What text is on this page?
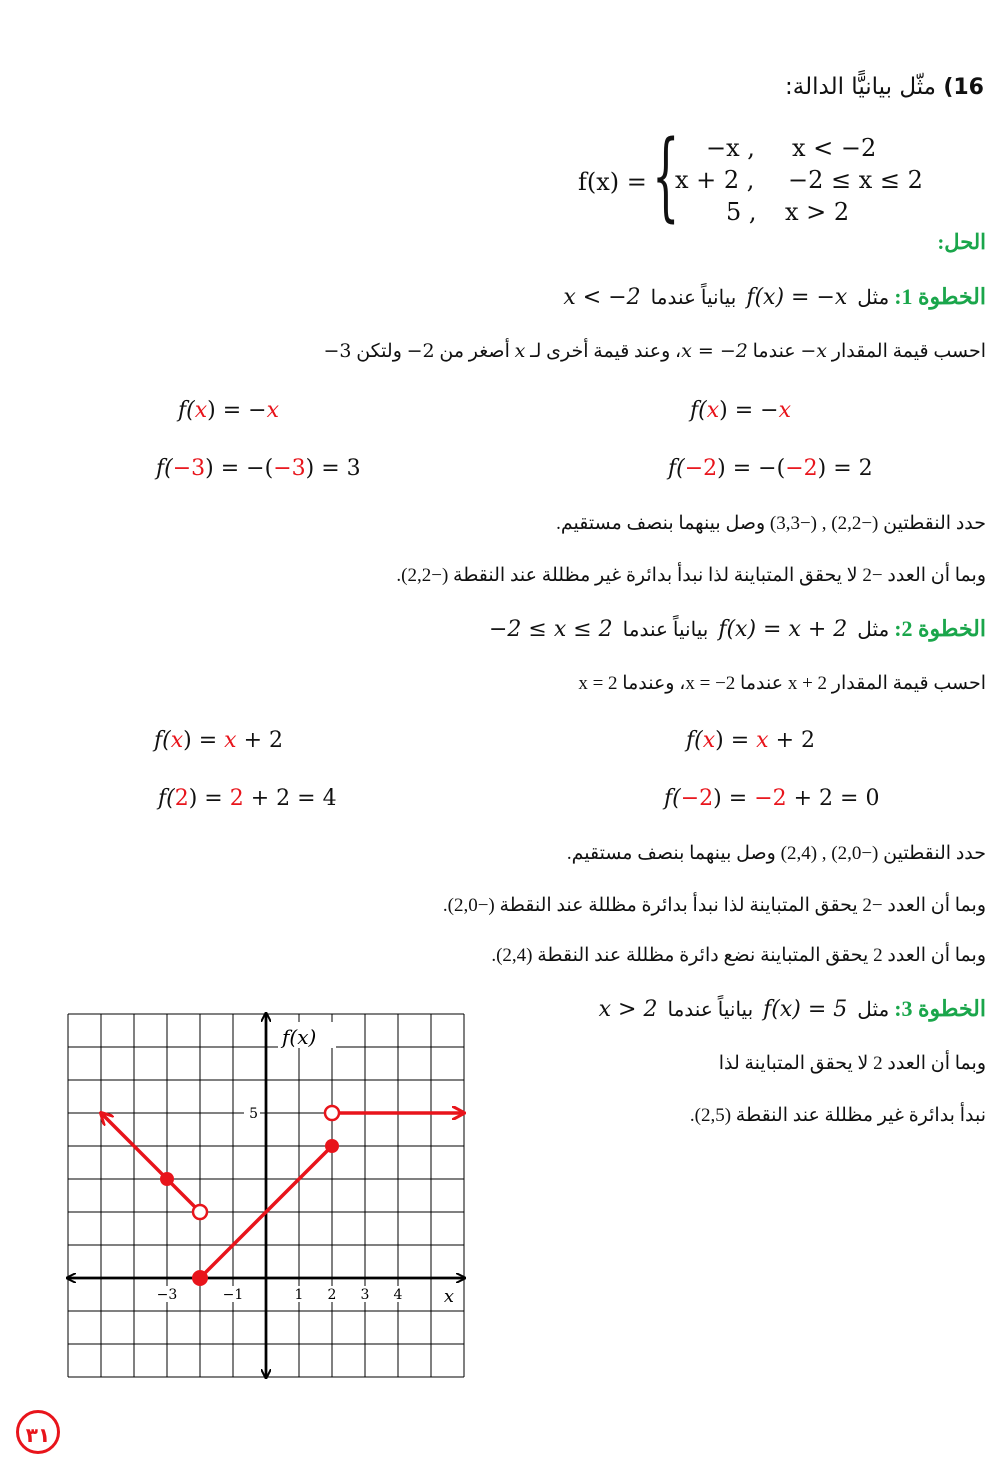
16) مثّل بيانيًّا الدالة:
f(x) = { −x , x < −2
x + 2 , −2 ≤ x ≤ 2
5 , x > 2
الحل:
الخطوة 1: مثل  f(x) = −x  بيانياً عندما  x < −2
احسب قيمة المقدار −x عندما x = −2، وعند قيمة أخرى لـ x أصغر من −2 ولتكن −3
f(x) = −x
f(−2) = −(−2) = 2
f(x) = −x
f(−3) = −(−3) = 3
حدد النقطتين (−2,2) , (−3,3) وصل بينهما بنصف مستقيم.
وبما أن العدد −2 لا يحقق المتباينة لذا نبدأ بدائرة غير مظللة عند النقطة (−2,2).
الخطوة 2: مثل  f(x) = x + 2  بيانياً عندما  −2 ≤ x ≤ 2
احسب قيمة المقدار x + 2 عندما x = −2، وعندما x = 2
f(x) = x + 2
f(−2) = −2 + 2 = 0
f(x) = x + 2
f(2) = 2 + 2 = 4
حدد النقطتين (−2,0) , (2,4) وصل بينهما بنصف مستقيم.
وبما أن العدد −2 يحقق المتباينة لذا نبدأ بدائرة مظللة عند النقطة (−2,0).
وبما أن العدد 2 يحقق المتباينة نضع دائرة مظللة عند النقطة (2,4).
الخطوة 3: مثل  f(x) = 5  بيانياً عندما  x > 2
وبما أن العدد 2 لا يحقق المتباينة لذا
نبدأ بدائرة غير مظللة عند النقطة (2,5).
−3	−1	1 2 3 4
5
f(x)
x
٣١
